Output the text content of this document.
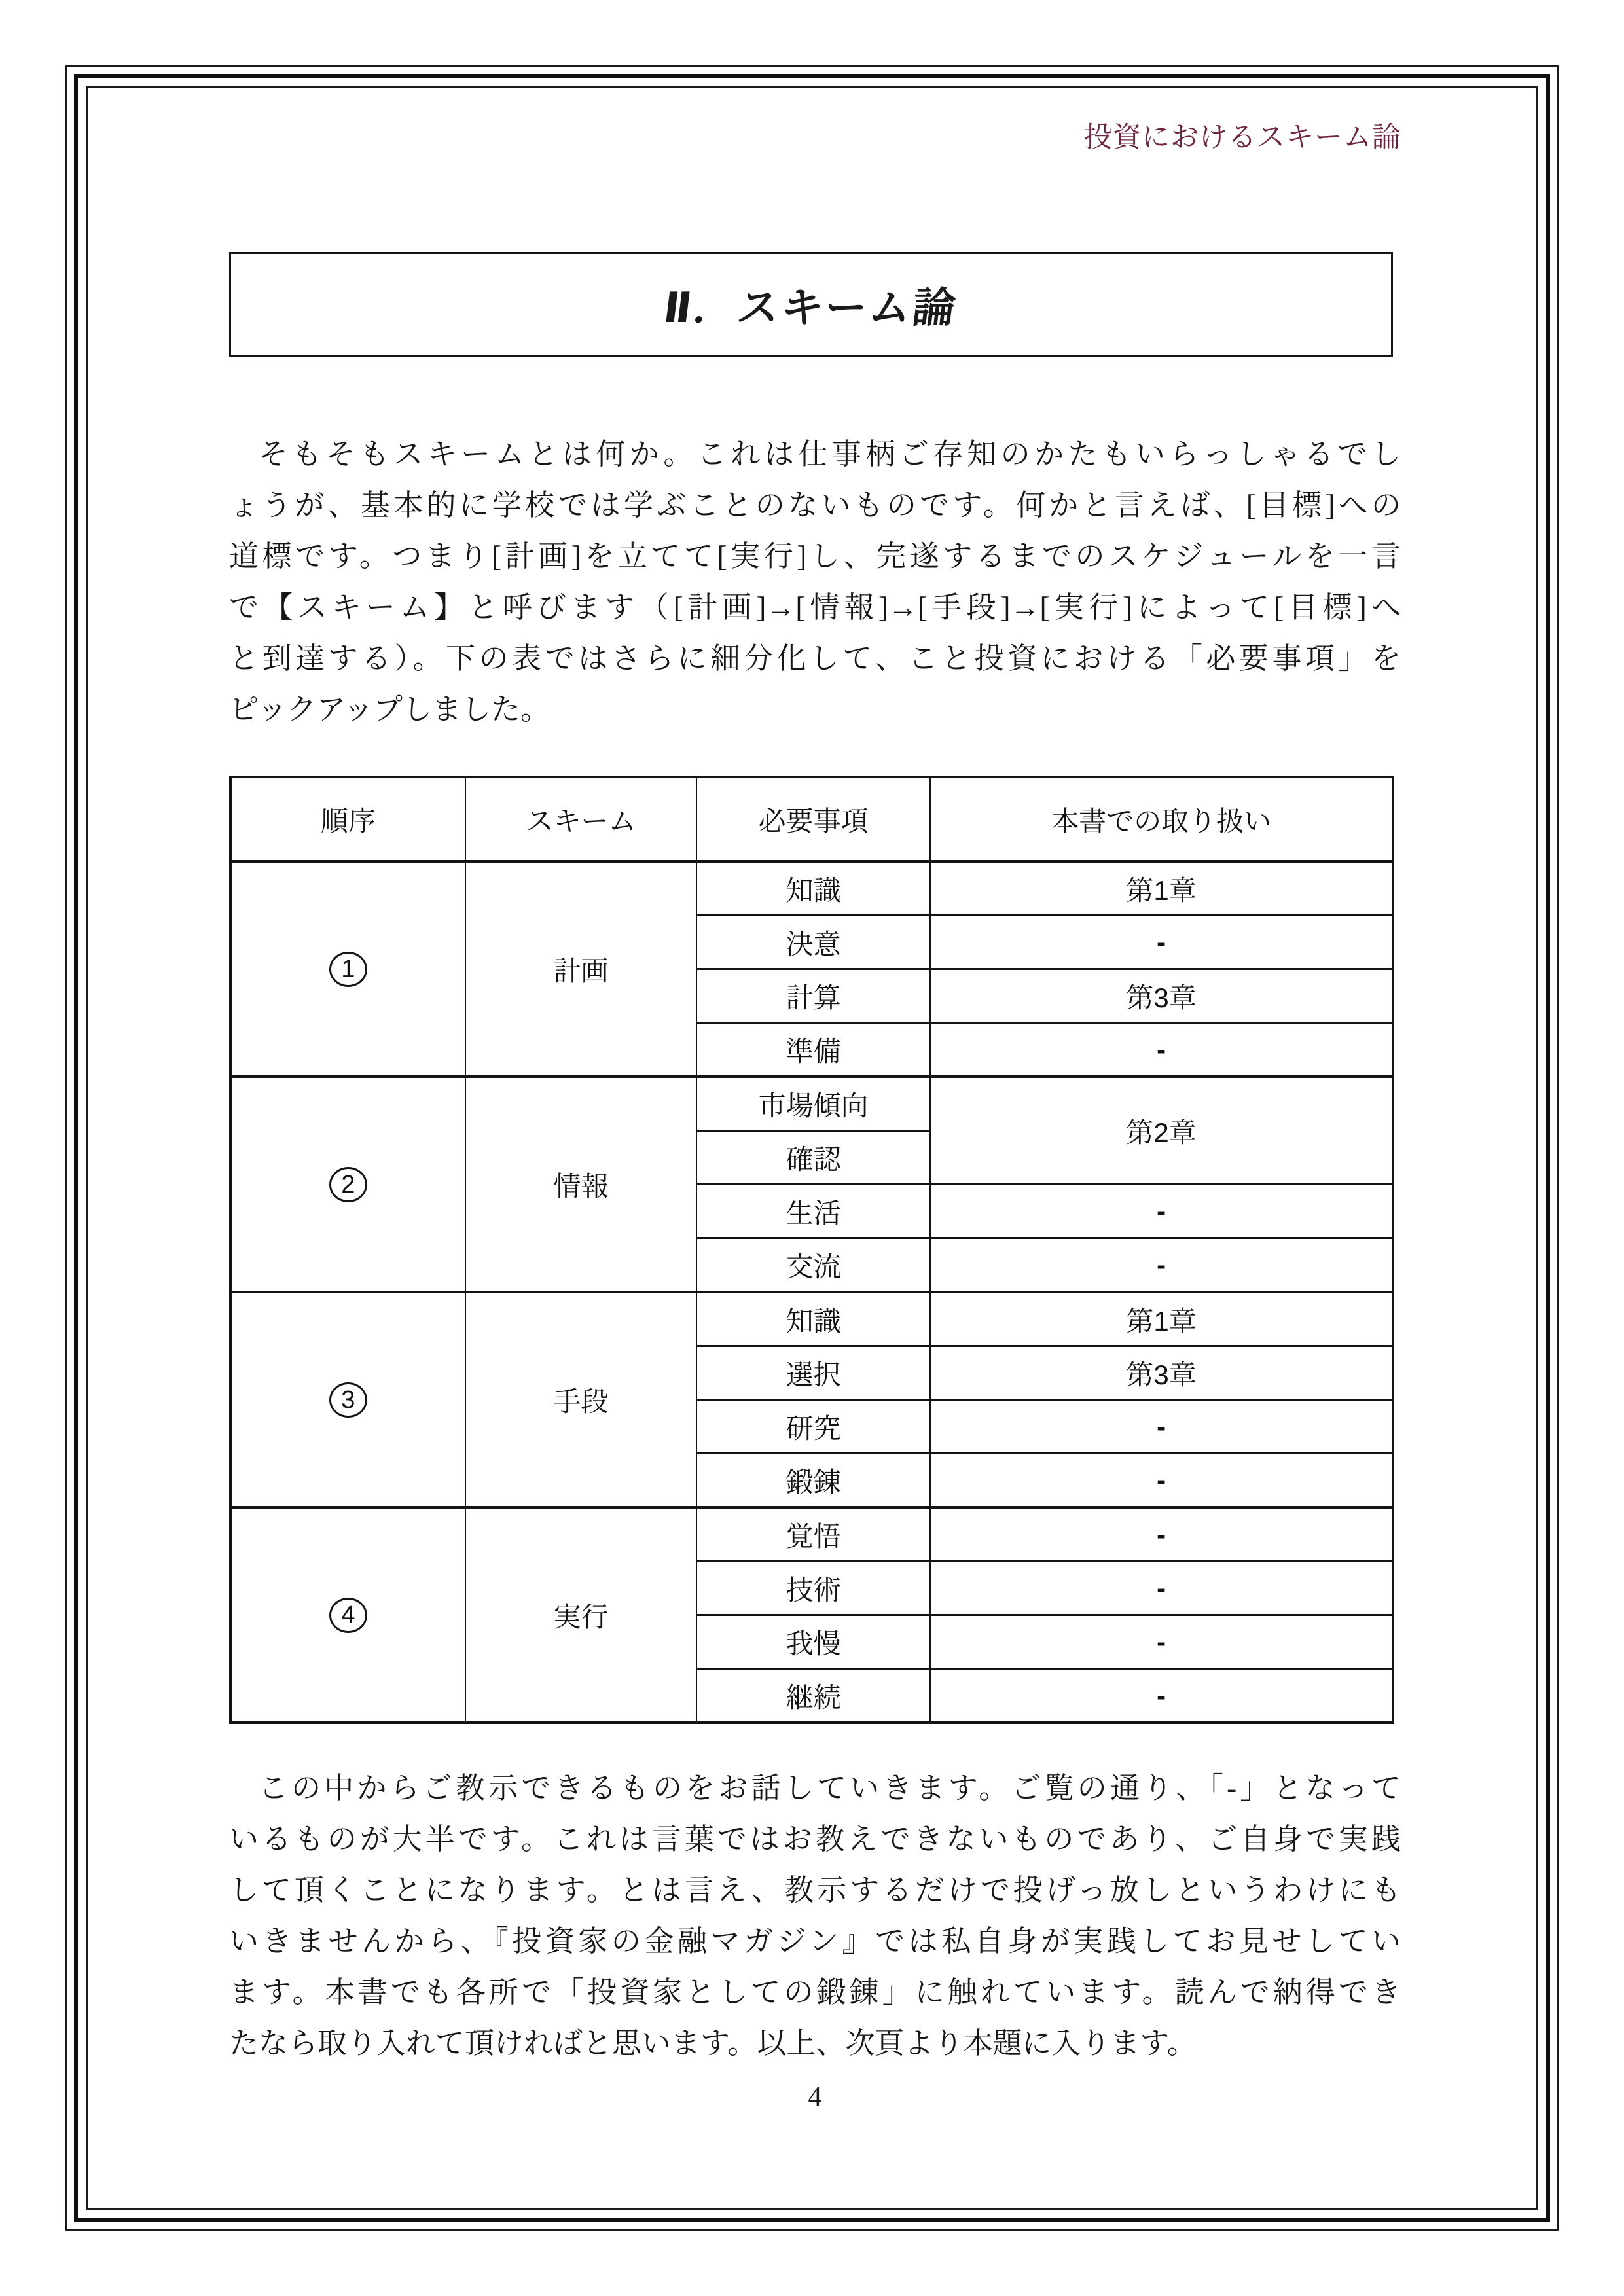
投資におけるスキーム論
Ⅱ．スキーム論
そもそもスキームとは何か。これは仕事柄ご存知のかたもいらっしゃるでし
ょうが、基本的に学校では学ぶことのないものです。何かと言えば、[目標]への
道標です。つまり[計画]を立てて[実行]し、完遂するまでのスケジュールを一言
で【スキーム】と呼びます（[計画]→[情報]→[手段]→[実行]によって[目標]へ
と到達する）。下の表ではさらに細分化して、こと投資における「必要事項」を
ピックアップしました。
順序	スキーム	必要事項	本書での取り扱い
1	計画	知識	第1章
		決意	-
		計算	第3章
		準備	-
2	情報	市場傾向	第2章
		確認	
		生活	-
		交流	-
3	手段	知識	第1章
		選択	第3章
		研究	-
		鍛錬	-
4	実行	覚悟	-
		技術	-
		我慢	-
		継続	-
この中からご教示できるものをお話していきます。ご覧の通り、「-」となって
いるものが大半です。これは言葉ではお教えできないものであり、ご自身で実践
して頂くことになります。とは言え、教示するだけで投げっ放しというわけにも
いきませんから、『投資家の金融マガジン』では私自身が実践してお見せしてい
ます。本書でも各所で「投資家としての鍛錬」に触れています。読んで納得でき
たなら取り入れて頂ければと思います。以上、次頁より本題に入ります。
4
